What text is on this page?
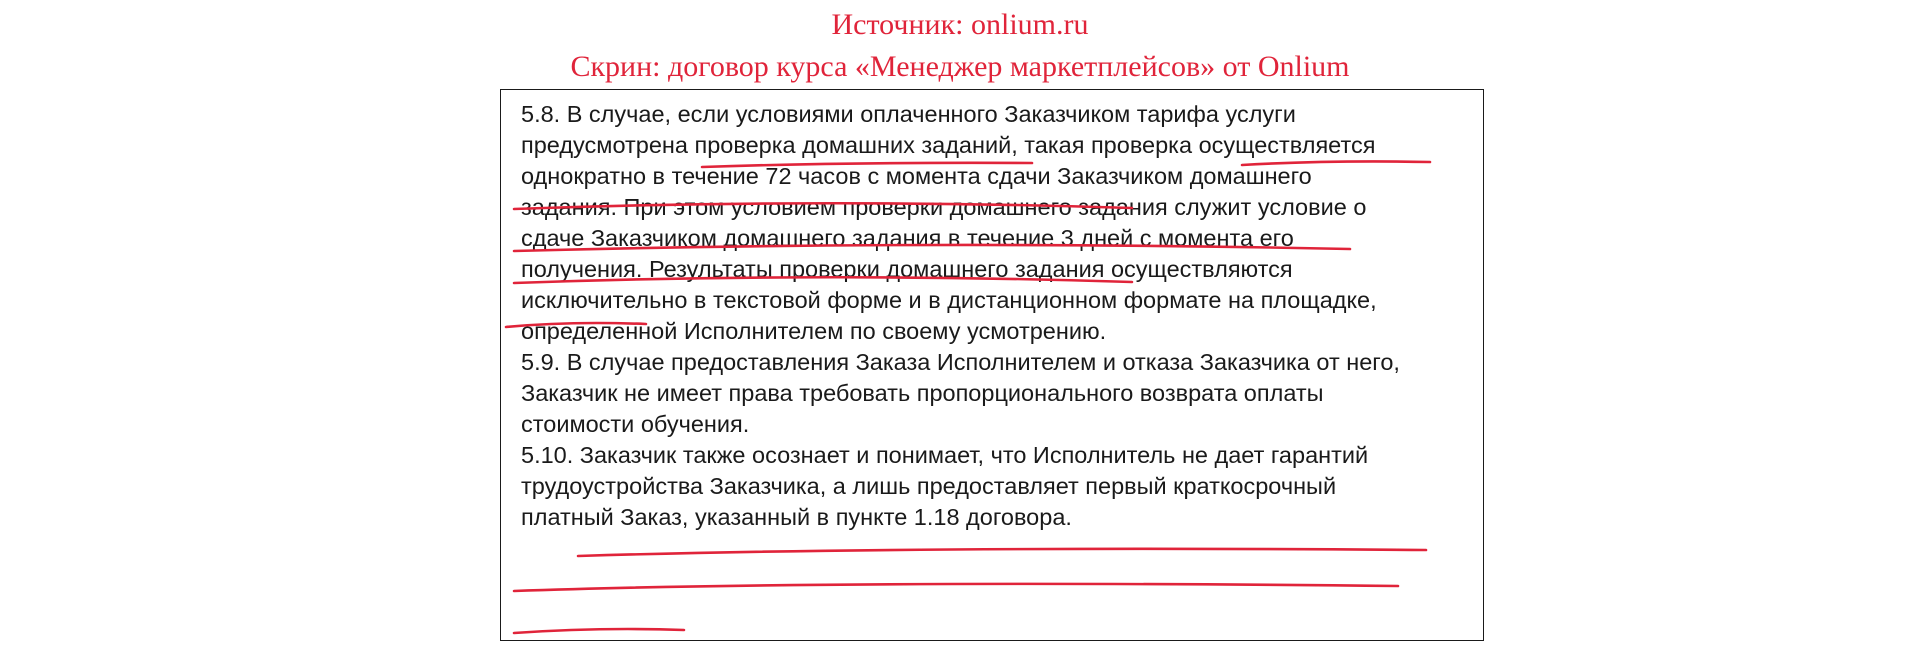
Источник: onlium.ru
Скрин: договор курса «Менеджер маркетплейсов» от Onlium
5.8. В случае, если условиями оплаченного Заказчиком тарифа услуги
предусмотрена проверка домашних заданий, такая проверка осуществляется
однократно в течение 72 часов с момента сдачи Заказчиком домашнего
задания. При этом условием проверки домашнего задания служит условие о
сдаче Заказчиком домашнего задания в течение 3 дней с момента его
получения. Результаты проверки домашнего задания осуществляются
исключительно в текстовой форме и в дистанционном формате на площадке,
определенной Исполнителем по своему усмотрению.
5.9. В случае предоставления Заказа Исполнителем и отказа Заказчика от него,
Заказчик не имеет права требовать пропорционального возврата оплаты
стоимости обучения.
5.10. Заказчик также осознает и понимает, что Исполнитель не дает гарантий
трудоустройства Заказчика, а лишь предоставляет первый краткосрочный
платный Заказ, указанный в пункте 1.18 договора.
